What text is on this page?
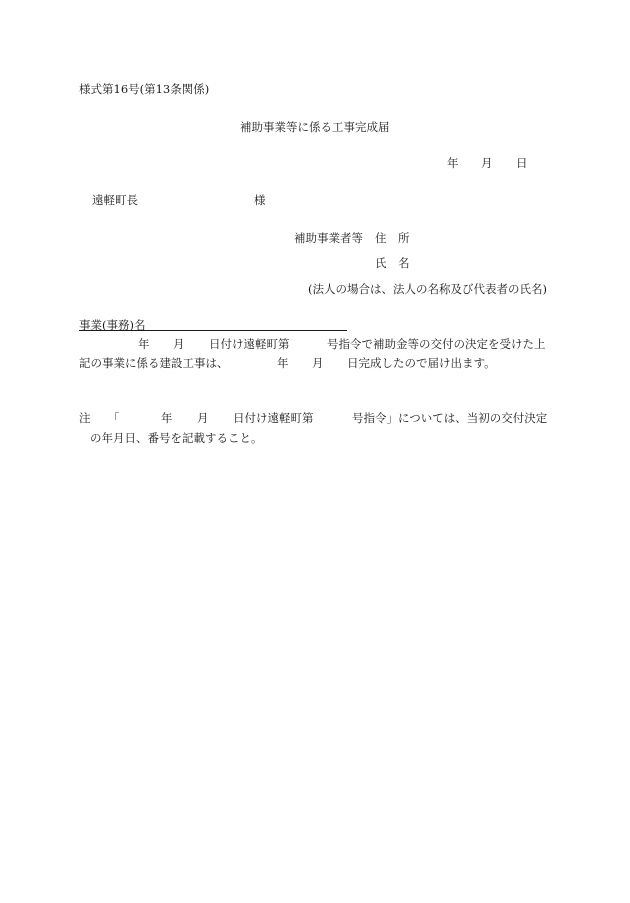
様式第16号(第13条関係)
補助事業等に係る工事完成届
年 月 日
遠軽町長	様
補助事業者等 住　所
氏　名
(法人の場合は、法人の名称及び代表者の氏名)
事業(事務)名
年 月 日付け遠軽町第	号指令で補助金等の交付の決定を受けた上
記の事業に係る建設工事は、	年 月 日完成したので届け出ます。
注 「	年 月 日付け遠軽町第	号指令」については、当初の交付決定
の年月日、番号を記載すること。
